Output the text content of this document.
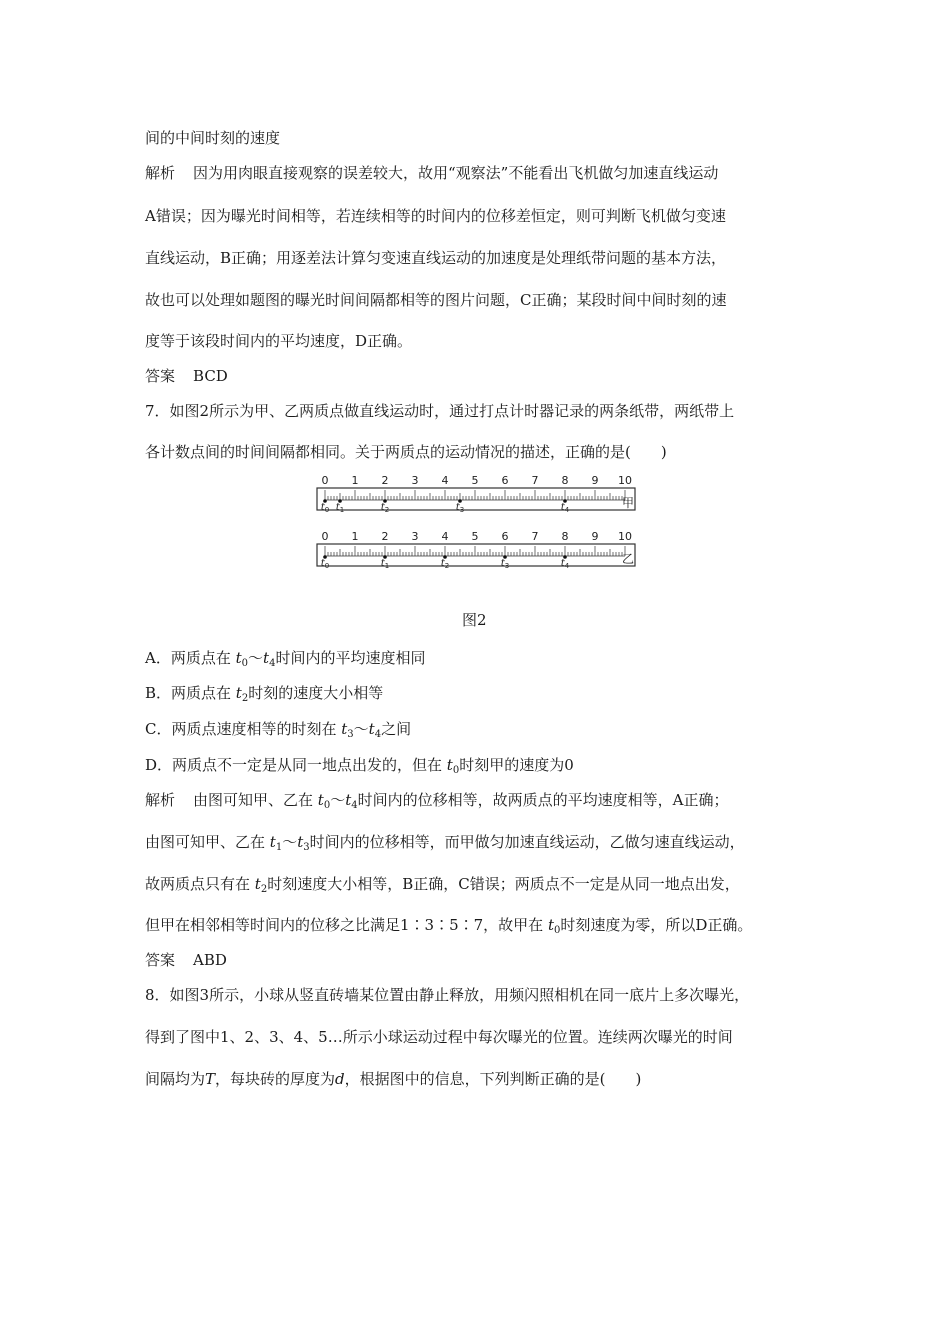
间的中间时刻的速度
解析 因为用肉眼直接观察的误差较大，故用“观察法”不能看出飞机做匀加速直线运动
A错误；因为曝光时间相等，若连续相等的时间内的位移差恒定，则可判断飞机做匀变速
直线运动，B正确；用逐差法计算匀变速直线运动的加速度是处理纸带问题的基本方法，
故也可以处理如题图的曝光时间间隔都相等的图片问题，C正确；某段时间中间时刻的速
度等于该段时间内的平均速度，D正确。
答案 BCD
7．如图2所示为甲、乙两质点做直线运动时，通过打点计时器记录的两条纸带，两纸带上
各计数点间的时间间隔都相同。关于两质点的运动情况的描述，正确的是(　　)
0 1 2 3 4 5 6 7 8 9 10
$t_0$ $t_1$	$t_2$	$t_3$	$t_4$	甲
0 1 2 3 4 5 6 7 8 9 10
$t_0$	$t_1$	$t_2$	$t_3$	$t_4$	乙
图2
A．两质点在 $t_0\sim t_4$时间内的平均速度相同
B．两质点在 $t_2$时刻的速度大小相等
C．两质点速度相等的时刻在 $t_3\sim t_4$之间
D．两质点不一定是从同一地点出发的，但在 $t_0$时刻甲的速度为0
解析 由图可知甲、乙在 $t_0\sim t_4$时间内的位移相等，故两质点的平均速度相等，A正确；
由图可知甲、乙在 $t_1\sim t_3$时间内的位移相等，而甲做匀加速直线运动，乙做匀速直线运动，
故两质点只有在 $t_2$时刻速度大小相等，B正确，C错误；两质点不一定是从同一地点出发，
但甲在相邻相等时间内的位移之比满足1∶3∶5∶7，故甲在 $t_0$时刻速度为零，所以D正确。
答案 ABD
8．如图3所示，小球从竖直砖墙某位置由静止释放，用频闪照相机在同一底片上多次曝光，
得到了图中1、2、3、4、5…所示小球运动过程中每次曝光的位置。连续两次曝光的时间
间隔均为T，每块砖的厚度为d，根据图中的信息，下列判断正确的是(　　)
